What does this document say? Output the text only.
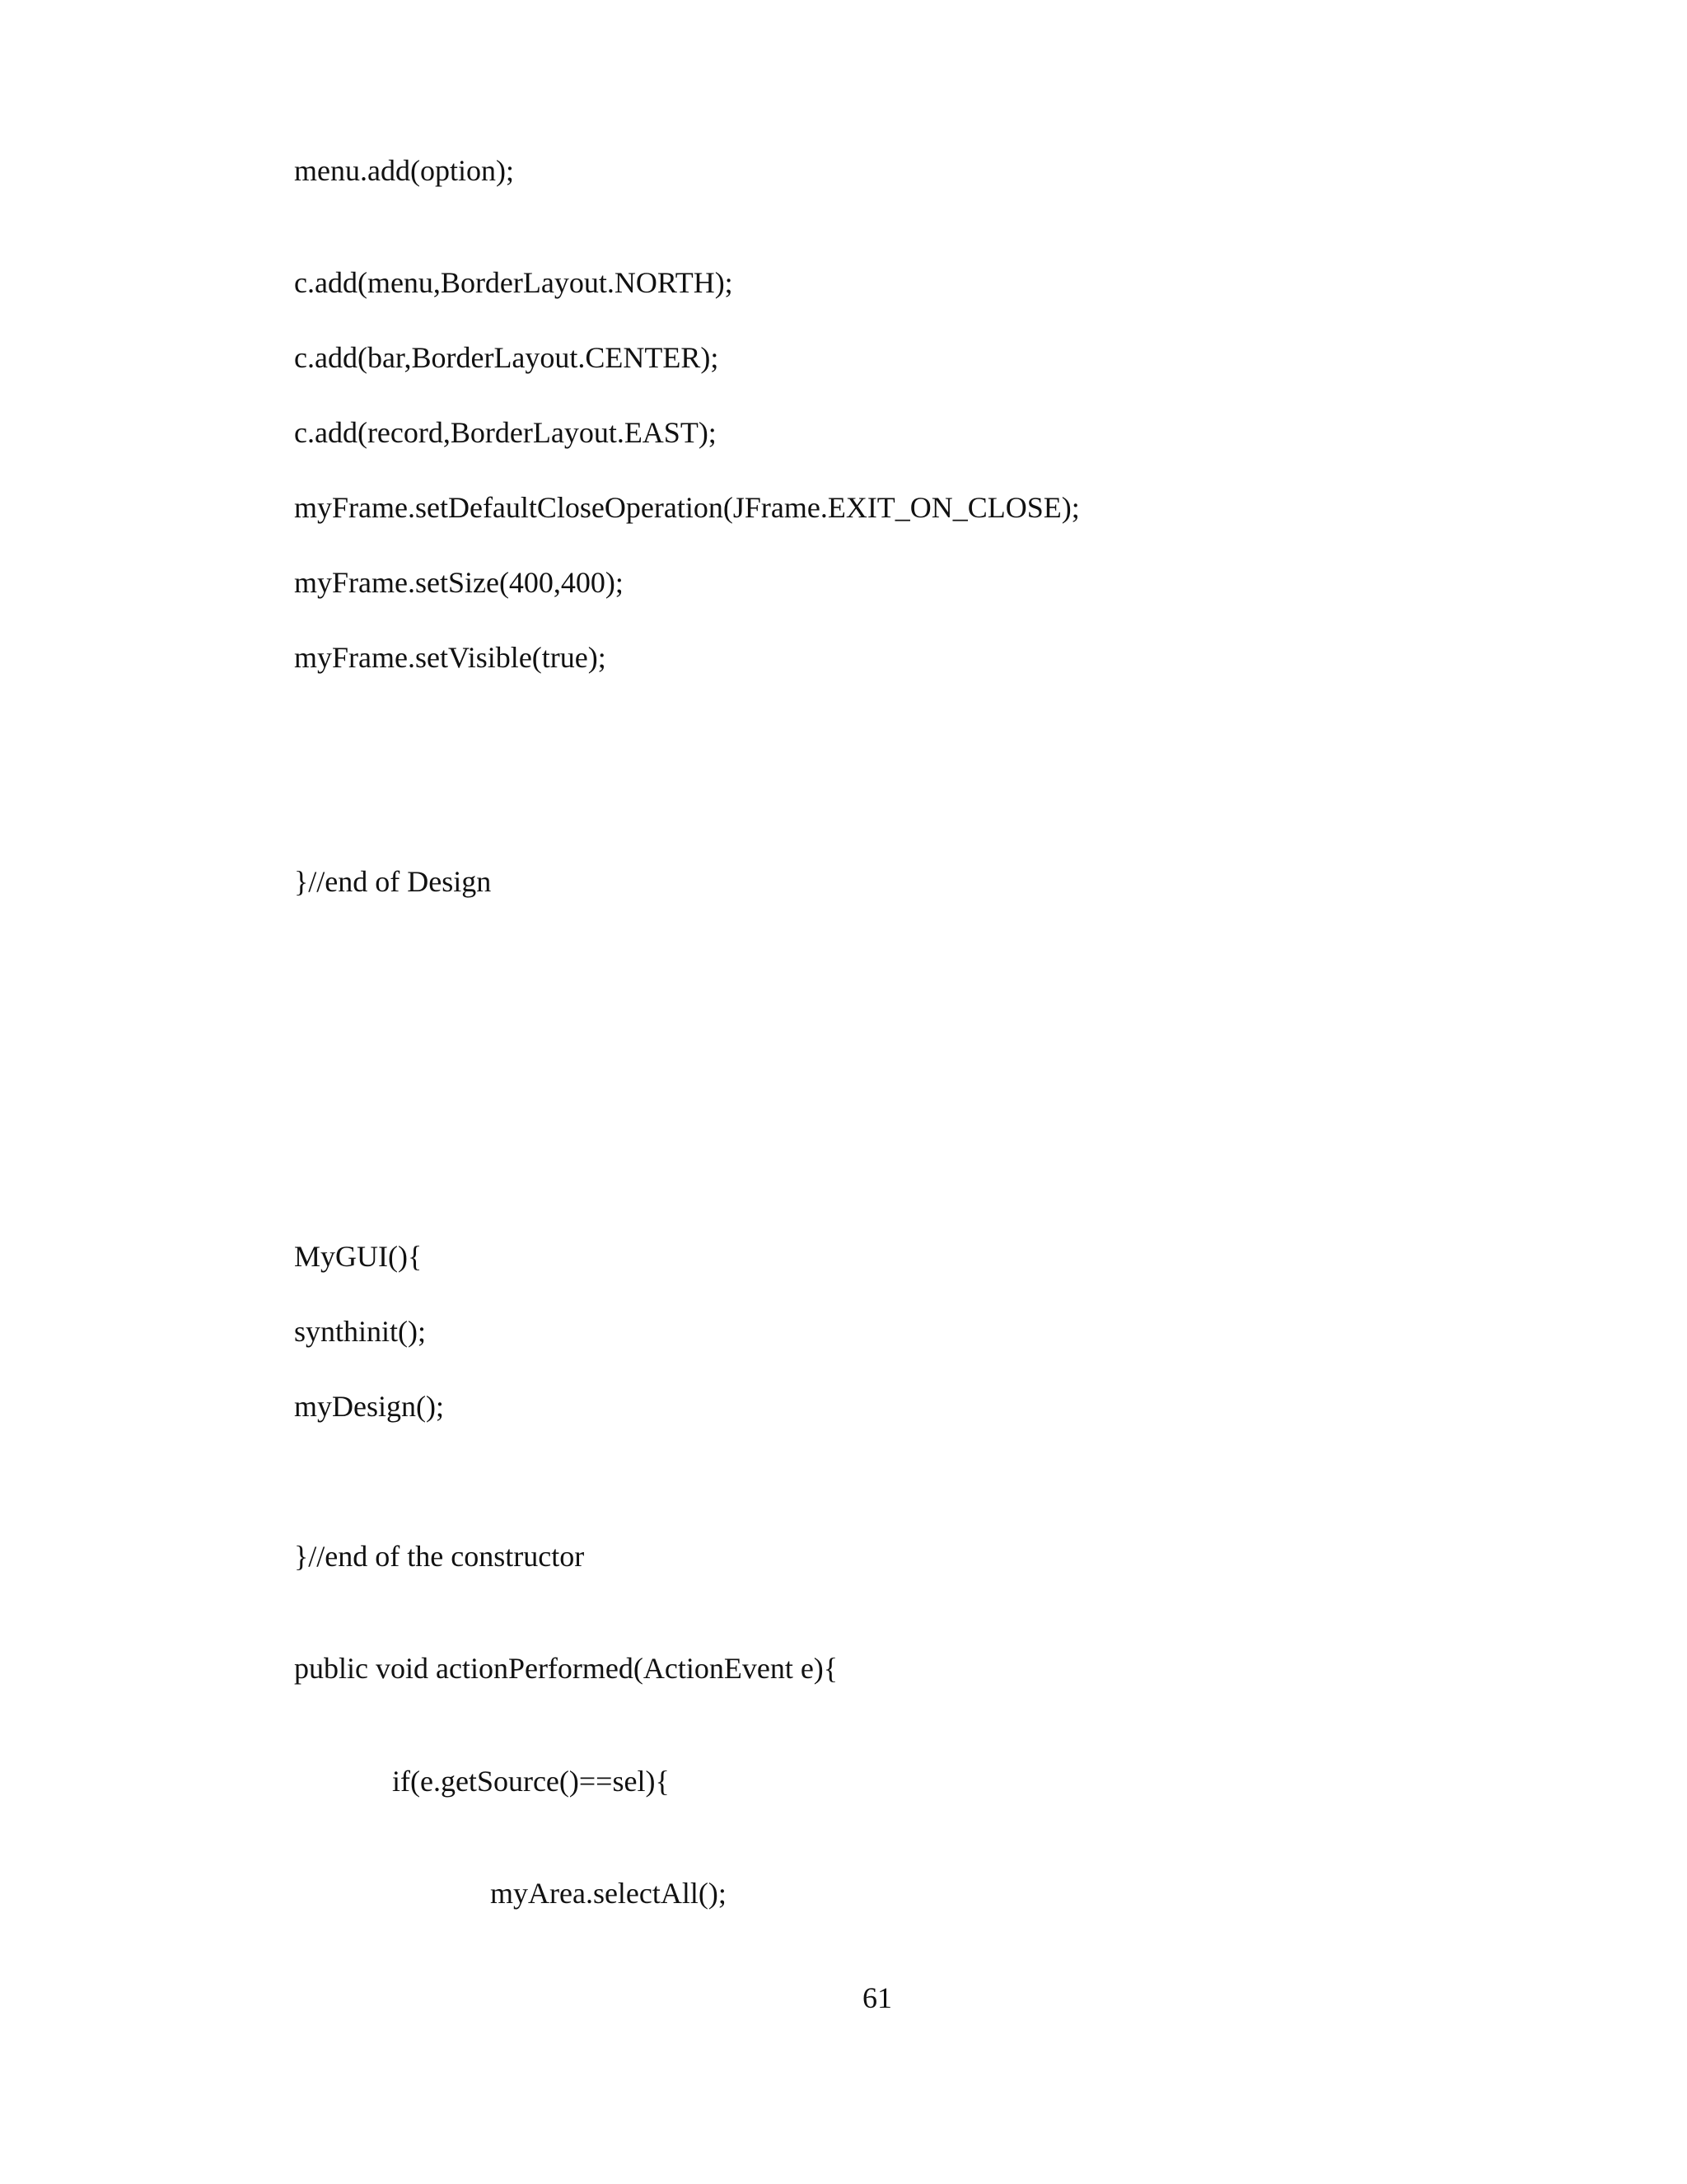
menu.add(option);
c.add(menu,BorderLayout.NORTH);
c.add(bar,BorderLayout.CENTER);
c.add(record,BorderLayout.EAST);
myFrame.setDefaultCloseOperation(JFrame.EXIT_ON_CLOSE);
myFrame.setSize(400,400);
myFrame.setVisible(true);
}//end of Design
MyGUI(){
synthinit();
myDesign();
}//end of the constructor
public void actionPerformed(ActionEvent e){
if(e.getSource()==sel){
myArea.selectAll();
61
